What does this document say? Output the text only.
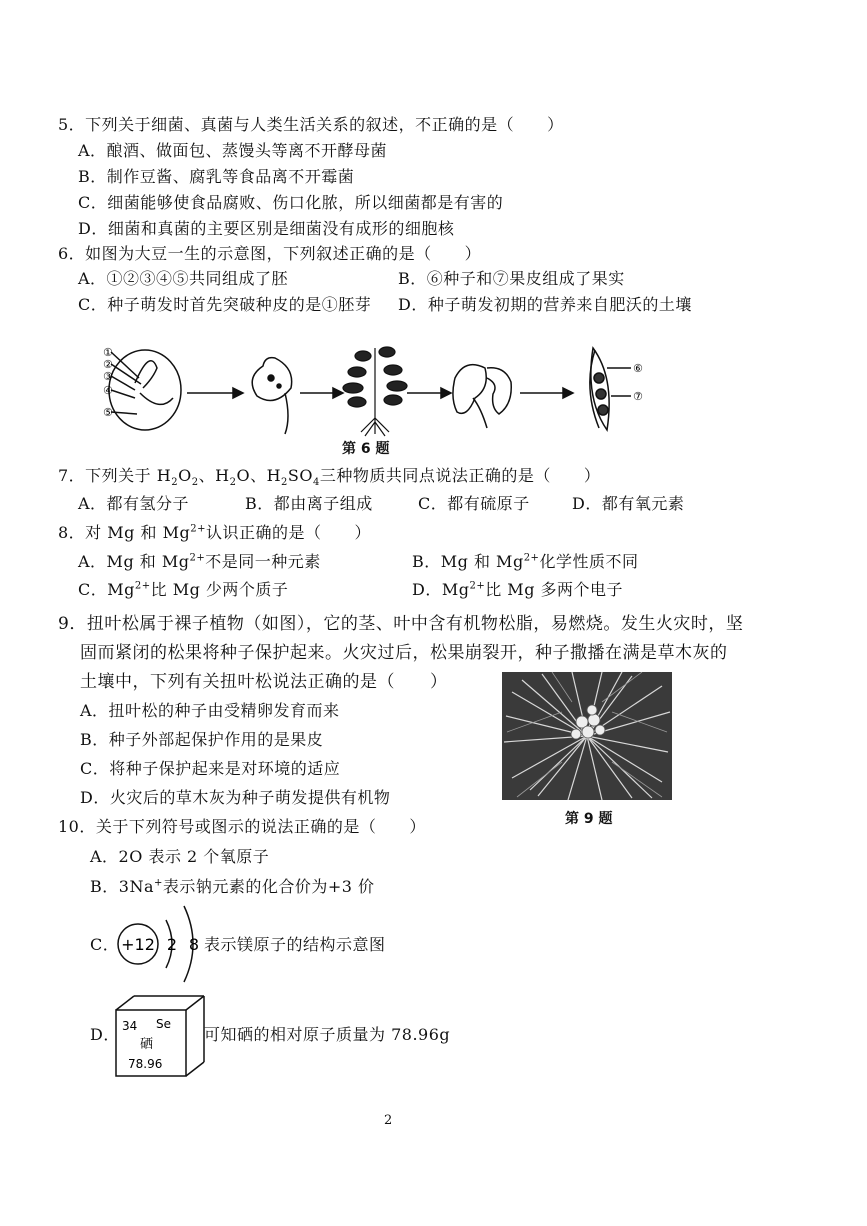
5．下列关于细菌、真菌与人类生活关系的叙述，不正确的是（　　）
A．酿酒、做面包、蒸馒头等离不开酵母菌
B．制作豆酱、腐乳等食品离不开霉菌
C．细菌能够使食品腐败、伤口化脓，所以细菌都是有害的
D．细菌和真菌的主要区别是细菌没有成形的细胞核
6．如图为大豆一生的示意图，下列叙述正确的是（　　）
A．①②③④⑤共同组成了胚	B．⑥种子和⑦果皮组成了果实
C．种子萌发时首先突破种皮的是①胚芽 D．种子萌发初期的营养来自肥沃的土壤
①
②
③
④
⑤
⑥
⑦
第 6 题
7．下列关于 $H_2O_2$、$H_2O$、$H_2SO_4$三种物质共同点说法正确的是（　　）
A．都有氢分子	B．都由离子组成	C．都有硫原子	D．都有氧元素
8．对 Mg 和 $Mg^{2+}$认识正确的是（　　）
A．Mg 和 $Mg^{2+}$不是同一种元素	B．Mg 和 $Mg^{2+}$化学性质不同
C．$Mg^{2+}$比 Mg 少两个质子	D．$Mg^{2+}$比 Mg 多两个电子
9．扭叶松属于裸子植物（如图），它的茎、叶中含有机物松脂，易燃烧。发生火灾时，坚
固而紧闭的松果将种子保护起来。火灾过后，松果崩裂开，种子撒播在满是草木灰的
土壤中，下列有关扭叶松说法正确的是（　　）
A．扭叶松的种子由受精卵发育而来
B．种子外部起保护作用的是果皮
C．将种子保护起来是对环境的适应
D．火灾后的草木灰为种子萌发提供有机物
第 9 题
10．关于下列符号或图示的说法正确的是（　　）
A．2O 表示 2 个氧原子
B．3Na+表示钠元素的化合价为+3 价
C． +12 2 8 表示镁原子的结构示意图
D． 34 Se
硒
78.96
可知硒的相对原子质量为 78.96g
2
